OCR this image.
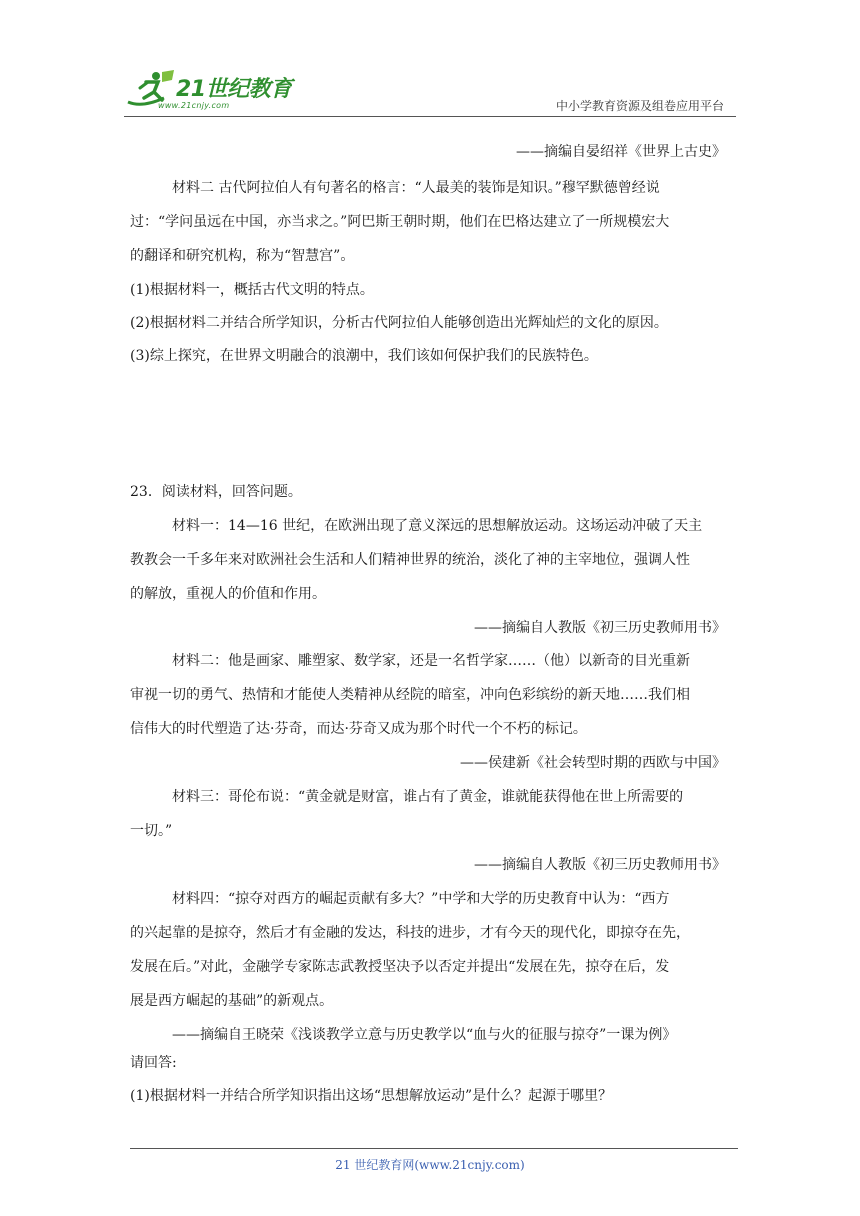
21世纪教育
www.21cnjy.com	中小学教育资源及组卷应用平台
——摘编自晏绍祥《世界上古史》
材料二 古代阿拉伯人有句著名的格言：“人最美的装饰是知识。”穆罕默德曾经说
过：“学问虽远在中国，亦当求之。”阿巴斯王朝时期，他们在巴格达建立了一所规模宏大
的翻译和研究机构，称为“智慧宫”。
(1)根据材料一，概括古代文明的特点。
(2)根据材料二并结合所学知识，分析古代阿拉伯人能够创造出光辉灿烂的文化的原因。
(3)综上探究，在世界文明融合的浪潮中，我们该如何保护我们的民族特色。
23．阅读材料，回答问题。
材料一：14—16 世纪，在欧洲出现了意义深远的思想解放运动。这场运动冲破了天主
教教会一千多年来对欧洲社会生活和人们精神世界的统治，淡化了神的主宰地位，强调人性
的解放，重视人的价值和作用。
——摘编自人教版《初三历史教师用书》
材料二：他是画家、雕塑家、数学家，还是一名哲学家……（他）以新奇的目光重新
审视一切的勇气、热情和才能使人类精神从经院的暗室，冲向色彩缤纷的新天地……我们相
信伟大的时代塑造了达·芬奇，而达·芬奇又成为那个时代一个不朽的标记。
——侯建新《社会转型时期的西欧与中国》
材料三：哥伦布说：“黄金就是财富，谁占有了黄金，谁就能获得他在世上所需要的
一切。”
——摘编自人教版《初三历史教师用书》
材料四：“掠夺对西方的崛起贡献有多大？”中学和大学的历史教育中认为：“西方
的兴起靠的是掠夺，然后才有金融的发达，科技的进步，才有今天的现代化，即掠夺在先，
发展在后。”对此，金融学专家陈志武教授坚决予以否定并提出“发展在先，掠夺在后，发
展是西方崛起的基础”的新观点。
——摘编自王晓荣《浅谈教学立意与历史教学以“血与火的征服与掠夺”一课为例》
请回答:
(1)根据材料一并结合所学知识指出这场“思想解放运动”是什么？起源于哪里？
21 世纪教育网(www.21cnjy.com)
